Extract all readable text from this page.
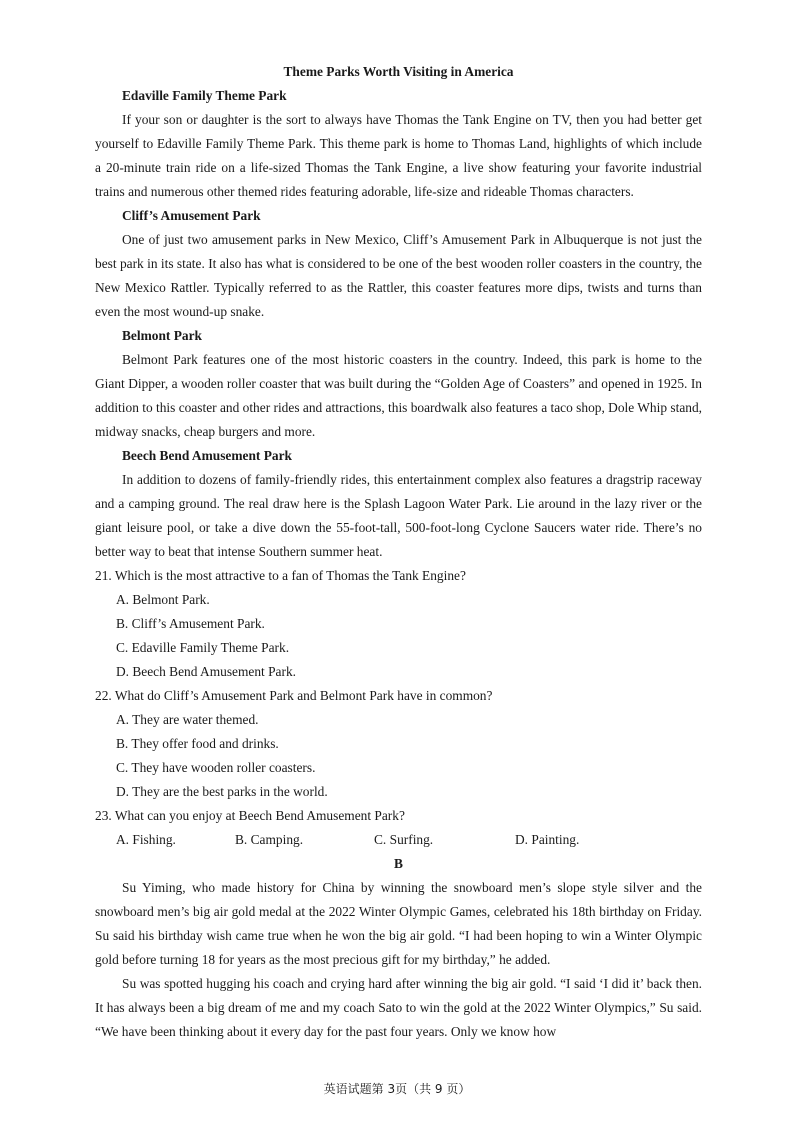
Theme Parks Worth Visiting in America

Edaville Family Theme Park

If your son or daughter is the sort to always have Thomas the Tank Engine on TV, then you had better get yourself to Edaville Family Theme Park. This theme park is home to Thomas Land, highlights of which include a 20-minute train ride on a life-sized Thomas the Tank Engine, a live show featuring your favorite industrial trains and numerous other themed rides featuring adorable, life-size and rideable Thomas characters.

Cliff’s Amusement Park

One of just two amusement parks in New Mexico, Cliff’s Amusement Park in Albuquerque is not just the best park in its state. It also has what is considered to be one of the best wooden roller coasters in the country, the New Mexico Rattler. Typically referred to as the Rattler, this coaster features more dips, twists and turns than even the most wound-up snake.

Belmont Park

Belmont Park features one of the most historic coasters in the country. Indeed, this park is home to the Giant Dipper, a wooden roller coaster that was built during the “Golden Age of Coasters” and opened in 1925. In addition to this coaster and other rides and attractions, this boardwalk also features a taco shop, Dole Whip stand, midway snacks, cheap burgers and more.

Beech Bend Amusement Park

In addition to dozens of family-friendly rides, this entertainment complex also features a dragstrip raceway and a camping ground. The real draw here is the Splash Lagoon Water Park. Lie around in the lazy river or the giant leisure pool, or take a dive down the 55-foot-tall, 500-foot-long Cyclone Saucers water ride. There’s no better way to beat that intense Southern summer heat.

21. Which is the most attractive to a fan of Thomas the Tank Engine?

A. Belmont Park.

B. Cliff’s Amusement Park.

C. Edaville Family Theme Park.

D. Beech Bend Amusement Park.

22. What do Cliff’s Amusement Park and Belmont Park have in common?

A. They are water themed.

B. They offer food and drinks.

C. They have wooden roller coasters.

D. They are the best parks in the world.

23. What can you enjoy at Beech Bend Amusement Park?

A. Fishing.	B. Camping.	C. Surfing.	D. Painting.

B

Su Yiming, who made history for China by winning the snowboard men’s slope style silver and the snowboard men’s big air gold medal at the 2022 Winter Olympic Games, celebrated his 18th birthday on Friday. Su said his birthday wish came true when he won the big air gold. “I had been hoping to win a Winter Olympic gold before turning 18 for years as the most precious gift for my birthday,” he added.

Su was spotted hugging his coach and crying hard after winning the big air gold. “I said ‘I did it’ back then. It has always been a big dream of me and my coach Sato to win the gold at the 2022 Winter Olympics,” Su said. “We have been thinking about it every day for the past four years. Only we know how

英语试题第 3页（共 9 页）
